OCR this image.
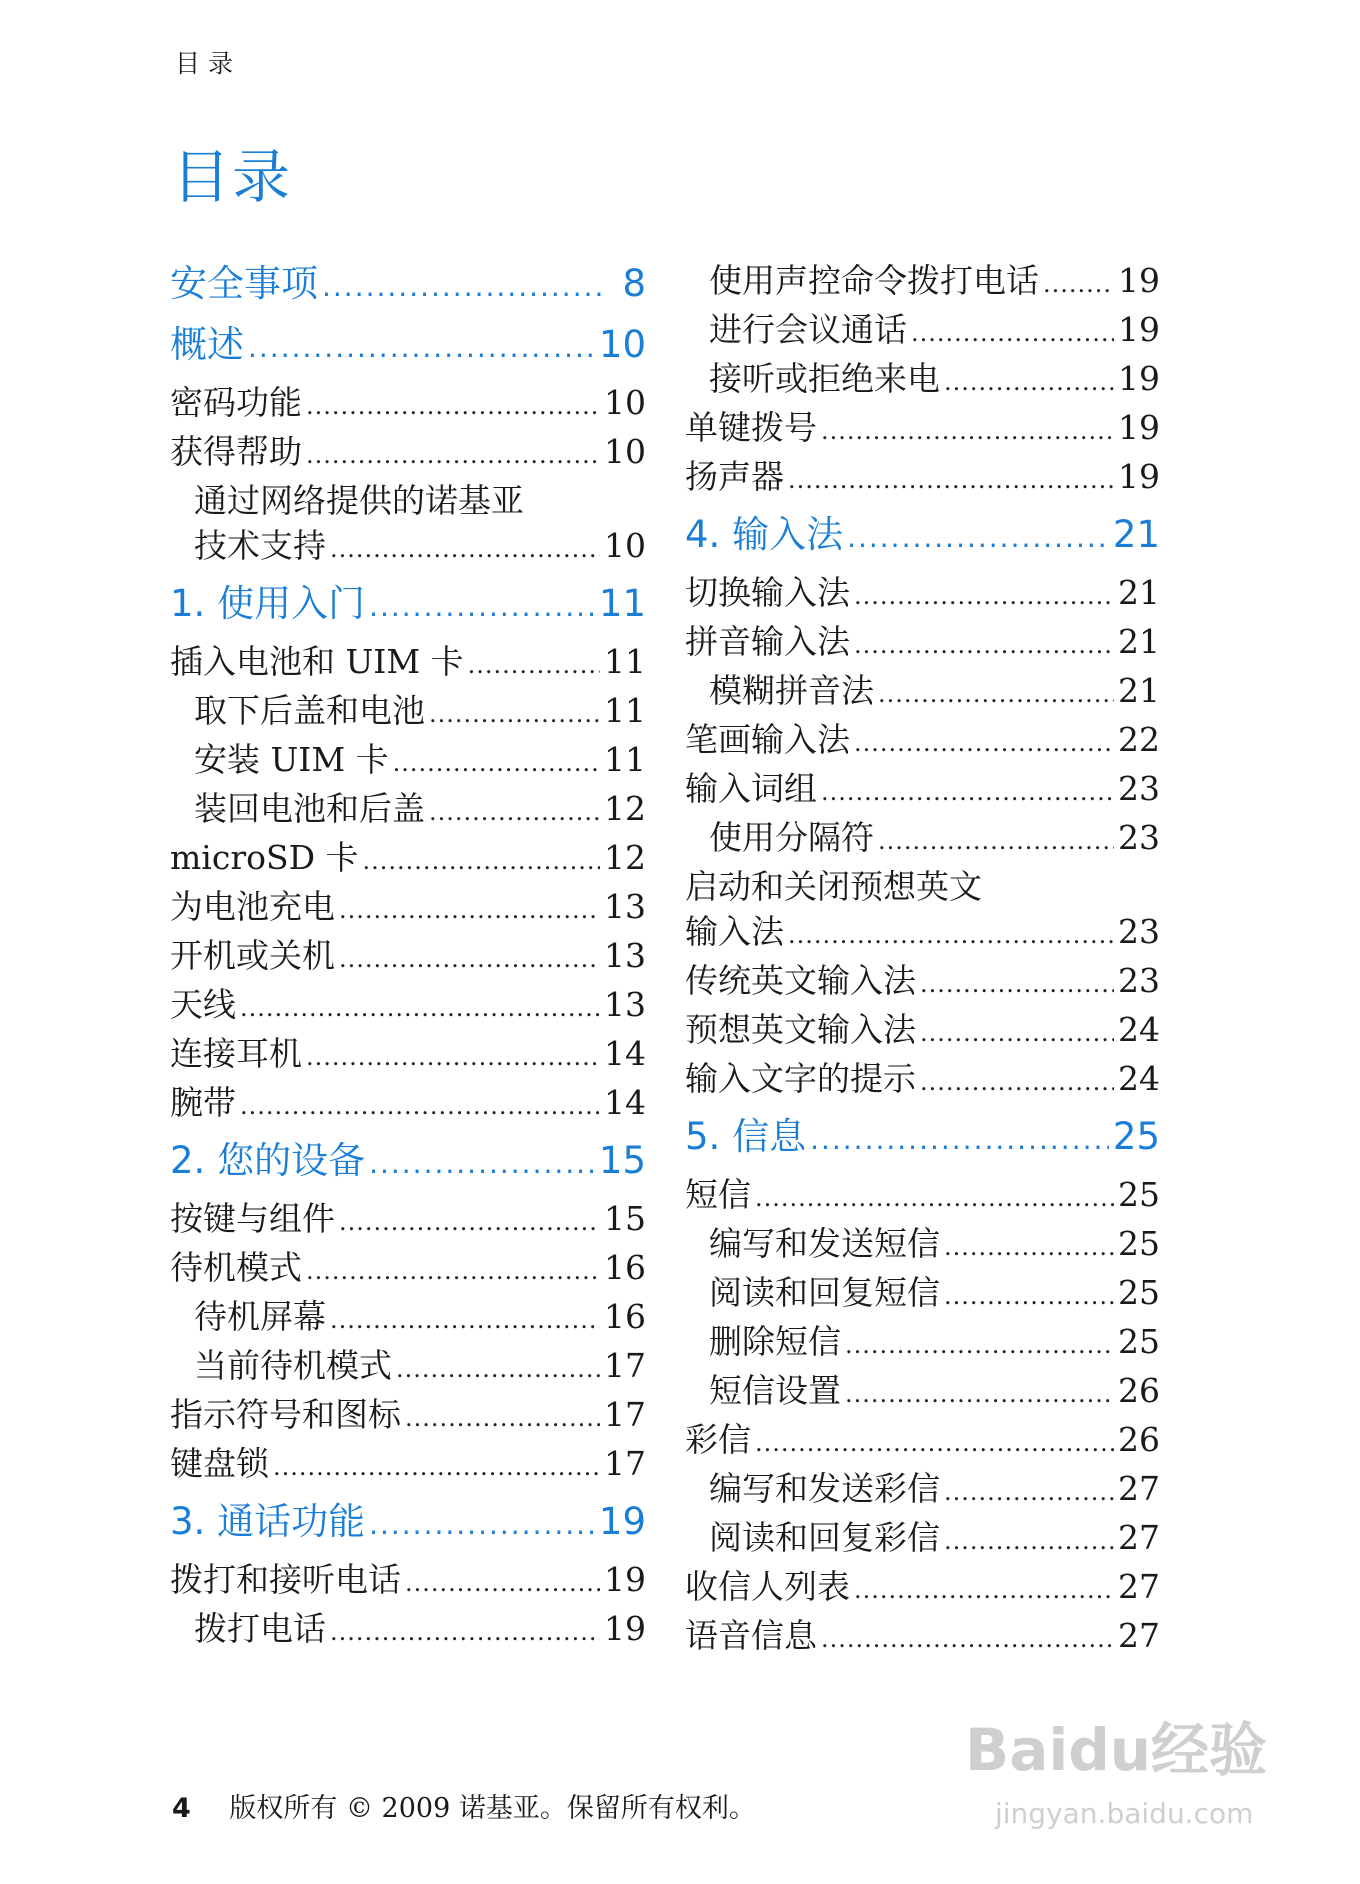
目录
目录
安全事项 .....	8
概述 .....	10
密码功能 .....	10
获得帮助 .....	10
通过网络提供的诺基亚
技术支持 .....	10
1. 使用入门 .....	11
插入电池和 UIM 卡 .....	11
取下后盖和电池 .....	11
安装 UIM 卡 .....	11
装回电池和后盖 .....	12
microSD 卡 .....	12
为电池充电 .....	13
开机或关机 .....	13
天线 .....	13
连接耳机 .....	14
腕带 .....	14
2. 您的设备 .....	15
按键与组件 .....	15
待机模式 .....	16
待机屏幕 .....	16
当前待机模式 .....	17
指示符号和图标 .....	17
键盘锁 .....	17
3. 通话功能 .....	19
拨打和接听电话 .....	19
拨打电话 .....	19
使用声控命令拨打电话 ..... 19
进行会议通话 .....	19
接听或拒绝来电 .....	19
单键拨号 .....	19
扬声器 .....	19
4. 输入法 .....	21
切换输入法 .....	21
拼音输入法 .....	21
模糊拼音法 .....	21
笔画输入法 .....	22
输入词组 .....	23
使用分隔符 .....	23
启动和关闭预想英文
输入法 .....	23
传统英文输入法 .....	23
预想英文输入法 .....	24
输入文字的提示 .....	24
5. 信息 .....	25
短信 .....	25
编写和发送短信 .....	25
阅读和回复短信 .....	25
删除短信 .....	25
短信设置 .....	26
彩信 .....	26
编写和发送彩信 .....	27
阅读和回复彩信 .....	27
收信人列表 .....	27
语音信息 .....	27
4 版权所有 © 2009 诺基亚。保留所有权利。
Baidu经验
jingyan.baidu.com
